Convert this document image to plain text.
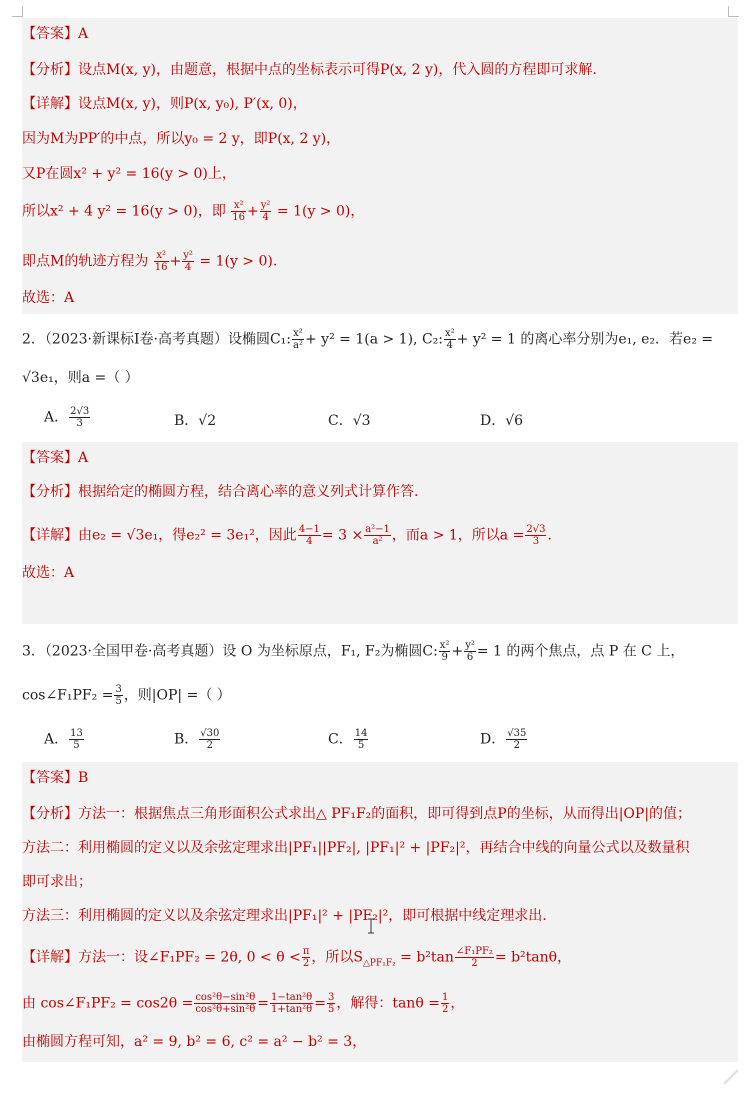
【答案】A
【分析】设点M(x, y)，由题意，根据中点的坐标表示可得P(x, 2 y)，代入圆的方程即可求解.
【详解】设点M(x, y)，则P(x, y₀), P′(x, 0)，
因为M为PP′的中点，所以y₀ = 2 y，即P(x, 2 y)，
又P在圆x² + y² = 16(y > 0)上，
所以x² + 4 y² = 16(y > 0)，即 $\frac{\text{x²}}{16} + \frac{\text{y²}}{4} = 1(y > 0)$，
即点M的轨迹方程为 $\frac{\text{x²}}{16} + \frac{\text{y²}}{4} = 1(y > 0)$.
故选：A
2．（2023·新课标I卷·高考真题）设椭圆C₁: $\frac{\text{x²}}{\text{a²}} + y^2 = 1(a > 1)$, C₂: $\frac{\text{x²}}{4} + y^2 = 1$ 的离心率分别为e₁, e₂．若e₂ =
√3e₁，则a =（ ）
A． $\frac{2√3}{3}$	B．√2	C．√3	D．√6
【答案】A
【分析】根据给定的椭圆方程，结合离心率的意义列式计算作答.
【详解】由e₂ = √3e₁，得e₂² = 3e₁²，因此 $\frac{4-1}{4} = 3 \times \frac{\text{a²−1}}{\text{a²}}$ ，而a > 1，所以$a = \frac{2√3}{3}$ .
故选：A
3．（2023·全国甲卷·高考真题）设 O 为坐标原点，F₁, F₂为椭圆C: $\frac{\text{x²}}{9} + \frac{\text{y²}}{6} = 1$ 的两个焦点，点 P 在 C 上，
cos∠F₁PF₂ = $\frac{3}{5}$ ，则|OP| =（ ）
A． $\frac{13}{5}$	B． $\frac{√30}{2}$	C． $\frac{14}{5}$	D． $\frac{√35}{2}$
【答案】B
【分析】方法一：根据焦点三角形面积公式求出△ PF₁F₂的面积，即可得到点P的坐标，从而得出|OP|的值；
方法二：利用椭圆的定义以及余弦定理求出|PF₁||PF₂|, |PF₁|² + |PF₂|²，再结合中线的向量公式以及数量积
即可求出；
方法三：利用椭圆的定义以及余弦定理求出|PF₁|² + |PF₂|²，即可根据中线定理求出.
【详解】方法一：设∠F₁PF₂ = 2θ, $0 < \theta < \frac{\pi}{2}$ ，所以$S_{\triangle PF_1F_2} = b^2\tan \frac{\text{∠F₁PF₂}}{2} = b^2\tan\theta$，
由 cos∠F₁PF₂ = $\cos 2\theta = \frac{\text{cos²θ−sin²θ}}{\text{cos²θ+sin²θ}} = \frac{\text{1−tan²θ}}{\text{1+tan²θ}} = \frac{3}{5}$ ，解得：$\tan\theta = \frac{1}{2}$ ，
由椭圆方程可知，a² = 9, b² = 6, c² = a² − b² = 3，
